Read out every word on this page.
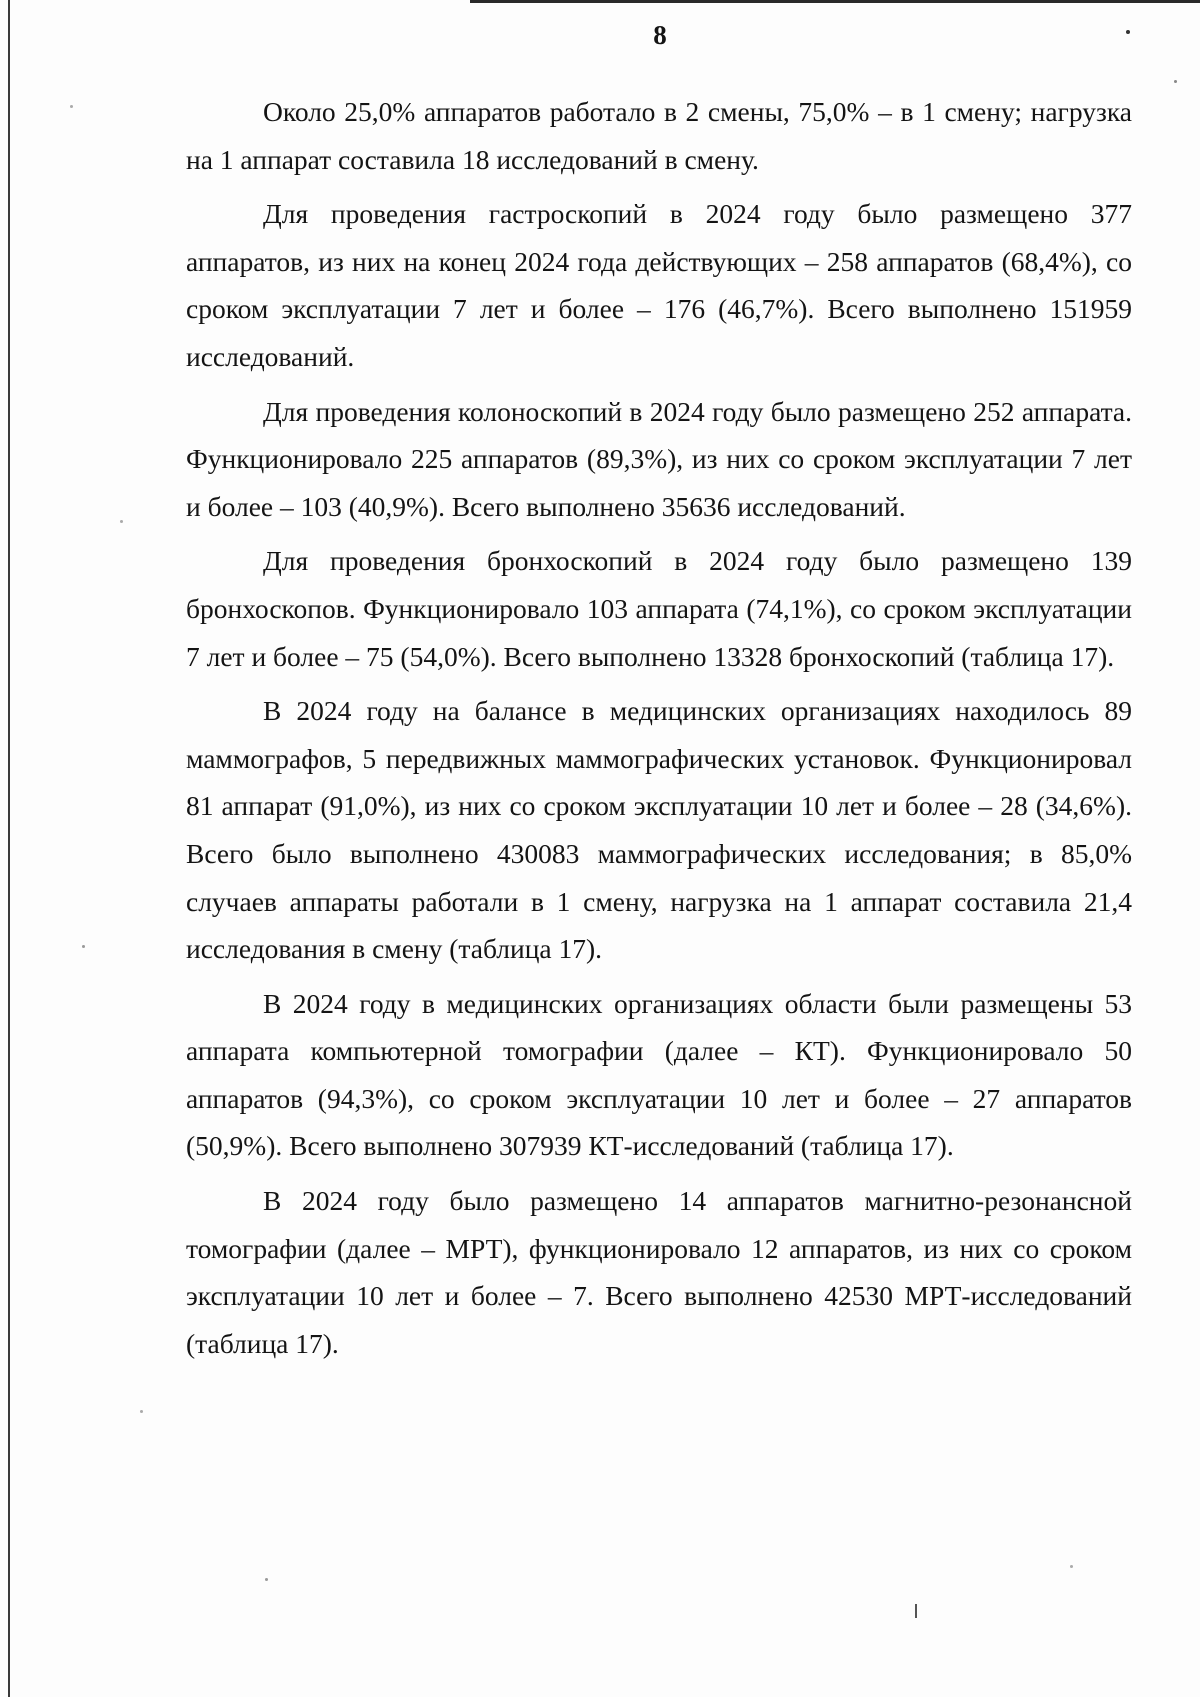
8

Около 25,0% аппаратов работало в 2 смены, 75,0% – в 1 смену; нагрузка на 1 аппарат составила 18 исследований в смену.

Для проведения гастроскопий в 2024 году было размещено 377 аппаратов, из них на конец 2024 года действующих – 258 аппаратов (68,4%), со сроком эксплуатации 7 лет и более – 176 (46,7%). Всего выполнено 151959 исследований.

Для проведения колоноскопий в 2024 году было размещено 252 аппарата. Функционировало 225 аппаратов (89,3%), из них со сроком эксплуатации 7 лет и более – 103 (40,9%). Всего выполнено 35636 исследований.

Для проведения бронхоскопий в 2024 году было размещено 139 бронхоскопов. Функционировало 103 аппарата (74,1%), со сроком эксплуатации 7 лет и более – 75 (54,0%). Всего выполнено 13328 бронхоскопий (таблица 17).

В 2024 году на балансе в медицинских организациях находилось 89 маммографов, 5 передвижных маммографических установок. Функционировал 81 аппарат (91,0%), из них со сроком эксплуатации 10 лет и более – 28 (34,6%). Всего было выполнено 430083 маммографических исследования; в 85,0% случаев аппараты работали в 1 смену, нагрузка на 1 аппарат составила 21,4 исследования в смену (таблица 17).

В 2024 году в медицинских организациях области были размещены 53 аппарата компьютерной томографии (далее – КТ). Функционировало 50 аппаратов (94,3%), со сроком эксплуатации 10 лет и более – 27 аппаратов (50,9%). Всего выполнено 307939 КТ-исследований (таблица 17).

В 2024 году было размещено 14 аппаратов магнитно-резонансной томографии (далее – МРТ), функционировало 12 аппаратов, из них со сроком эксплуатации 10 лет и более – 7. Всего выполнено 42530 МРТ-исследований (таблица 17).
